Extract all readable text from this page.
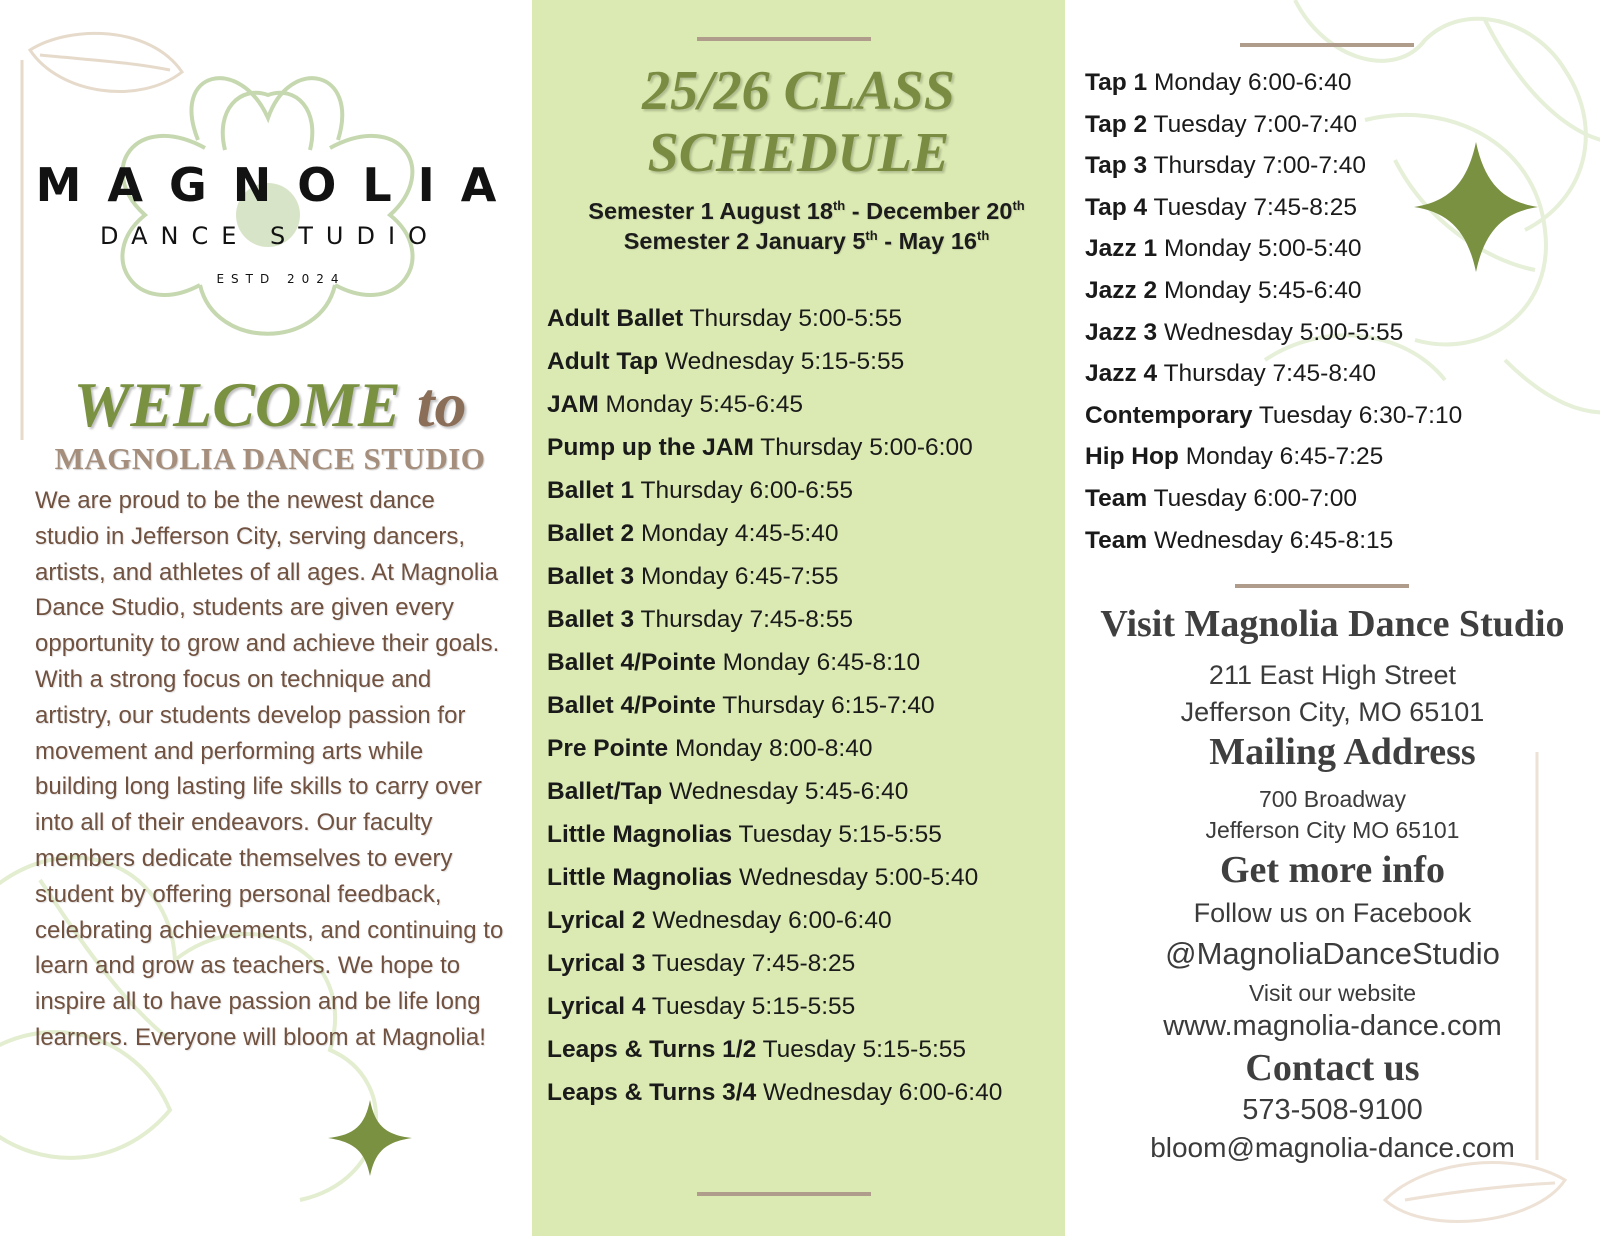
MAGNOLIA
DANCE STUDIO
ESTD 2024
WELCOME to
MAGNOLIA DANCE STUDIO

We are proud to be the newest dance studio in Jefferson City, serving dancers, artists, and athletes of all ages. At Magnolia Dance Studio, students are given every opportunity to grow and achieve their goals. With a strong focus on technique and artistry, our students develop passion for movement and performing arts while building long lasting life skills to carry over into all of their endeavors. Our faculty members dedicate themselves to every student by offering personal feedback, celebrating achievements, and continuing to learn and grow as teachers. We hope to inspire all to have passion and be life long learners. Everyone will bloom at Magnolia!

25/26 CLASS
SCHEDULE
Semester 1 August 18th - December 20th
Semester 2 January 5th - May 16th
Adult Ballet Thursday 5:00-5:55
Adult Tap Wednesday 5:15-5:55
JAM Monday 5:45-6:45
Pump up the JAM Thursday 5:00-6:00
Ballet 1 Thursday 6:00-6:55
Ballet 2 Monday 4:45-5:40
Ballet 3 Monday 6:45-7:55
Ballet 3 Thursday 7:45-8:55
Ballet 4/Pointe Monday 6:45-8:10
Ballet 4/Pointe Thursday 6:15-7:40
Pre Pointe Monday 8:00-8:40
Ballet/Tap Wednesday 5:45-6:40
Little Magnolias Tuesday 5:15-5:55
Little Magnolias Wednesday 5:00-5:40
Lyrical 2 Wednesday 6:00-6:40
Lyrical 3 Tuesday 7:45-8:25
Lyrical 4 Tuesday 5:15-5:55
Leaps & Turns 1/2 Tuesday 5:15-5:55
Leaps & Turns 3/4 Wednesday 6:00-6:40
Tap 1 Monday 6:00-6:40
Tap 2 Tuesday 7:00-7:40
Tap 3 Thursday 7:00-7:40
Tap 4 Tuesday 7:45-8:25
Jazz 1 Monday 5:00-5:40
Jazz 2 Monday 5:45-6:40
Jazz 3 Wednesday 5:00-5:55
Jazz 4 Thursday 7:45-8:40
Contemporary Tuesday 6:30-7:10
Hip Hop Monday 6:45-7:25
Team Tuesday 6:00-7:00
Team Wednesday 6:45-8:15
Visit Magnolia Dance Studio
211 East High Street
Jefferson City, MO 65101
Mailing Address
700 Broadway
Jefferson City MO 65101
Get more info
Follow us on Facebook
@MagnoliaDanceStudio
Visit our website
www.magnolia-dance.com
Contact us
573-508-9100
bloom@magnolia-dance.com
